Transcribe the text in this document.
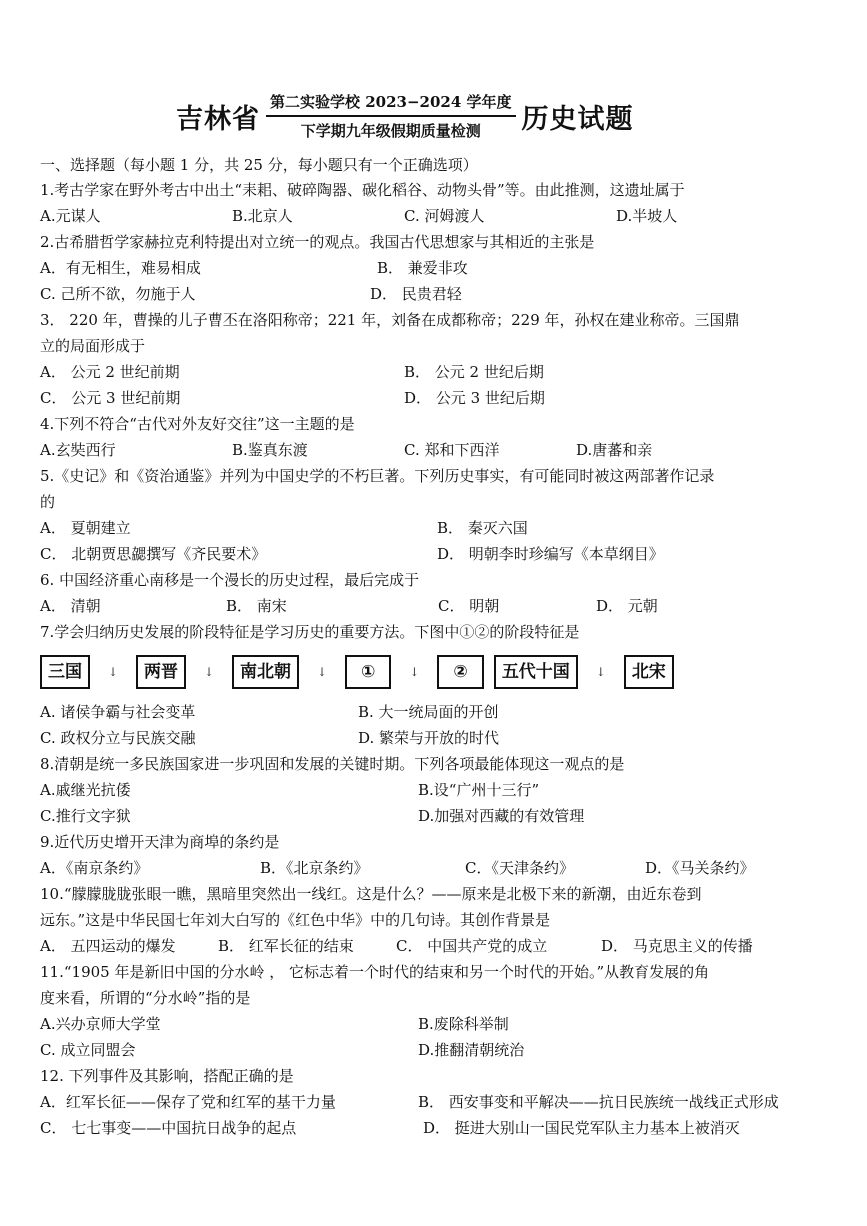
吉林省
第二实验学校 2023−2024 学年度
下学期九年级假期质量检测 历史试题
一、选择题（每小题 1 分，共 25 分，每小题只有一个正确选项）
1.考古学家在野外考古中出土“耒耜、破碎陶器、碳化稻谷、动物头骨”等。由此推测，这遗址属于
A.元谋人	B.北京人	C. 河姆渡人	D.半坡人
2.古希腊哲学家赫拉克利特提出对立统一的观点。我国古代思想家与其相近的主张是
A．有无相生，难易相成	B． 兼爱非攻
C. 己所不欲，勿施于人	D． 民贵君轻
3． 220 年，曹操的儿子曹丕在洛阳称帝；221 年，刘备在成都称帝；229 年，孙权在建业称帝。三国鼎
立的局面形成于
A． 公元 2 世纪前期	B． 公元 2 世纪后期
C． 公元 3 世纪前期	D． 公元 3 世纪后期
4.下列不符合“古代对外友好交往”这一主题的是
A.玄奘西行	B.鉴真东渡	C. 郑和下西洋	D.唐蕃和亲
5.《史记》和《资治通鉴》并列为中国史学的不朽巨著。下列历史事实，有可能同时被这两部著作记录
的
A． 夏朝建立	B． 秦灭六国
C． 北朝贾思勰撰写《齐民要术》	D． 明朝李时珍编写《本草纲目》
6. 中国经济重心南移是一个漫长的历史过程，最后完成于
A． 清朝	B． 南宋	C． 明朝	D． 元朝
7.学会归纳历史发展的阶段特征是学习历史的重要方法。下图中①②的阶段特征是
三国	↓	两晋	↓	南北朝	↓	①	↓	②	五代十国	↓	北宋
A. 诸侯争霸与社会变革	B. 大一统局面的开创
C. 政权分立与民族交融	D. 繁荣与开放的时代
8.清朝是统一多民族国家进一步巩固和发展的关键时期。下列各项最能体现这一观点的是
A.戚继光抗倭	B.设“广州十三行”
C.推行文字狱	D.加强对西藏的有效管理
9.近代历史增开天津为商埠的条约是
A．《南京条约》	B．《北京条约》	C．《天津条约》	D．《马关条约》
10.“朦朦胧胧张眼一瞧，黑暗里突然出一线红。这是什么？——原来是北极下来的新潮，由近东卷到
远东。”这是中华民国七年刘大白写的《红色中华》中的几句诗。其创作背景是
A． 五四运动的爆发	B． 红军长征的结束	C． 中国共产党的成立	D． 马克思主义的传播
11.“1905 年是新旧中国的分水岭 ， 它标志着一个时代的结束和另一个时代的开始。”从教育发展的角
度来看，所谓的“分水岭”指的是
A.兴办京师大学堂	B.废除科举制
C. 成立同盟会	D.推翻清朝统治
12. 下列事件及其影响，搭配正确的是
A．红军长征——保存了党和红军的基干力量	B． 西安事变和平解决——抗日民族统一战线正式形成
C． 七七事变——中国抗日战争的起点	D． 挺进大别山一国民党军队主力基本上被消灭
